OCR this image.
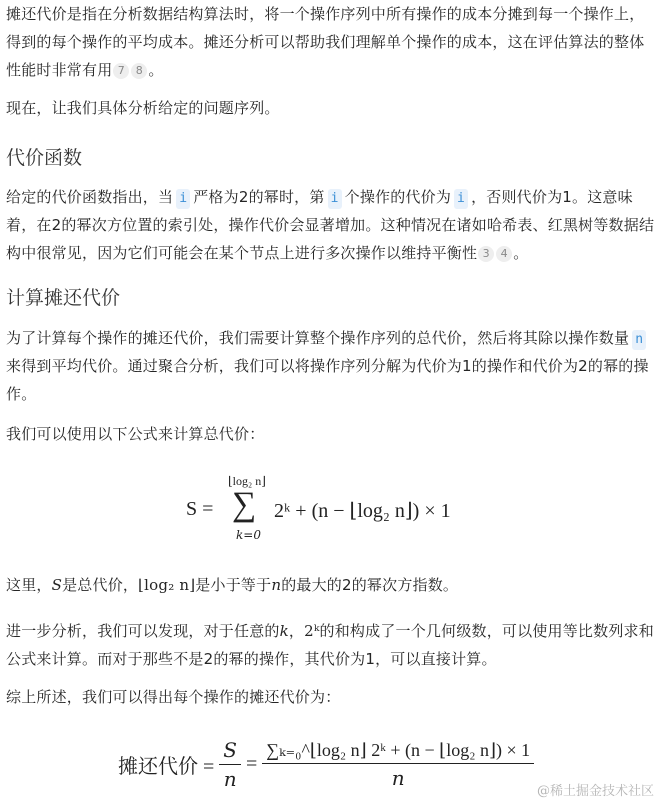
摊还代价是指在分析数据结构算法时，将一个操作序列中所有操作的成本分摊到每一个操作上，得到的每个操作的平均成本。摊还分析可以帮助我们理解单个操作的成本，这在评估算法的整体性能时非常有用 7 8 。

现在，让我们具体分析给定的问题序列。

代价函数

给定的代价函数指出，当 i 严格为2的幂时，第 i 个操作的代价为 i ，否则代价为1。这意味着，在2的幂次方位置的索引处，操作代价会显著增加。这种情况在诸如哈希表、红黑树等数据结构中很常见，因为它们可能会在某个节点上进行多次操作以维持平衡性 3 4 。

计算摊还代价

为了计算每个操作的摊还代价，我们需要计算整个操作序列的总代价，然后将其除以操作数量 n来得到平均代价。通过聚合分析，我们可以将操作序列分解为代价为1的操作和代价为2的幂的操作。

我们可以使用以下公式来计算总代价：

S =
⌊log₂ n⌋
∑
k=0
2ᵏ + (n − ⌊log₂ n⌋) × 1

这里，S是总代价，⌊log₂ n⌋是小于等于n的最大的2的幂次方指数。

进一步分析，我们可以发现，对于任意的k，2ᵏ的和构成了一个几何级数，可以使用等比数列求和公式来计算。而对于那些不是2的幂的操作，其代价为1，可以直接计算。

综上所述，我们可以得出每个操作的摊还代价为：

摊还代价 = $\frac{S}{n} = \frac{\text{∑ₖ₌₀\textasciicircum{}⌊log₂ n⌋ 2ᵏ + (n − ⌊log₂ n⌋) × 1}}{n}$
@稀土掘金技术社区
